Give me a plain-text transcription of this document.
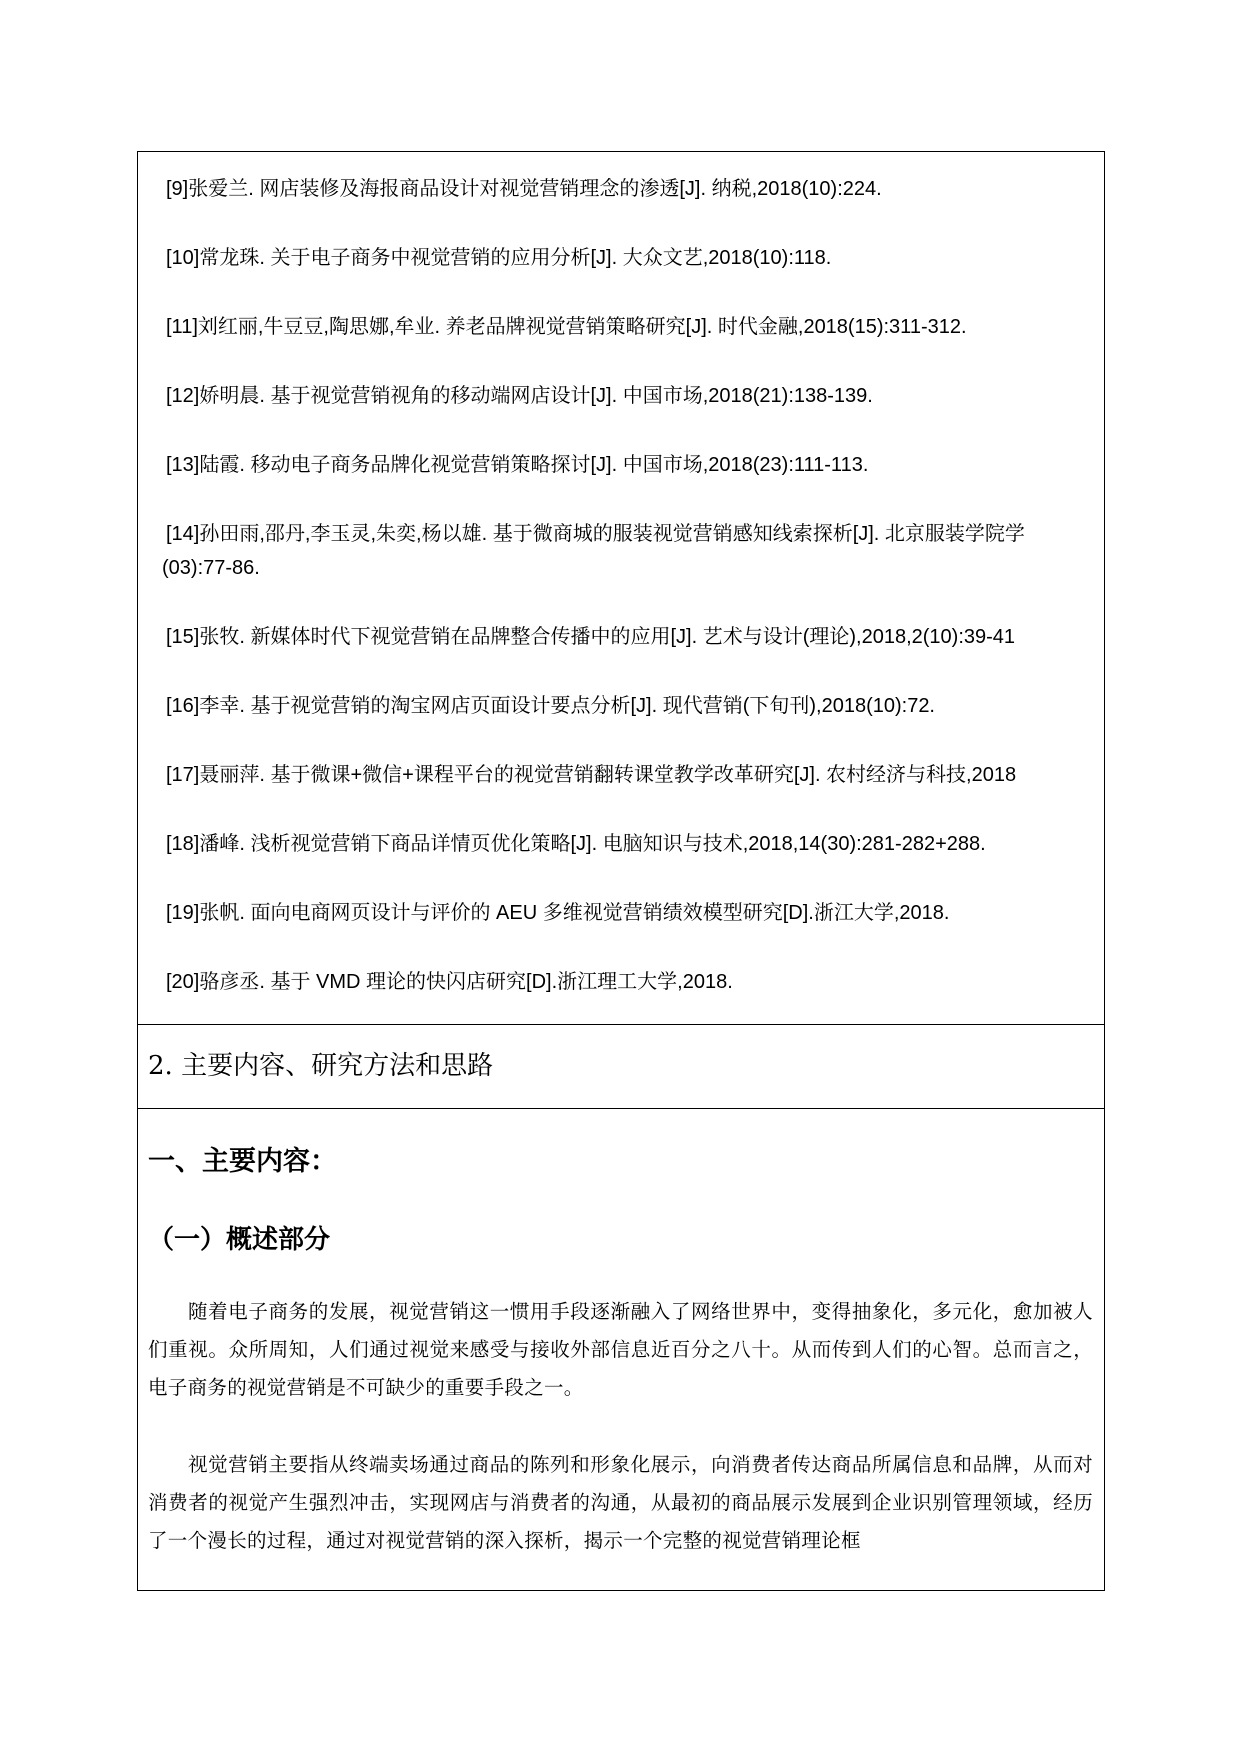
[9]张爱兰. 网店装修及海报商品设计对视觉营销理念的渗透[J]. 纳税,2018(10):224.
[10]常龙珠. 关于电子商务中视觉营销的应用分析[J]. 大众文艺,2018(10):118.
[11]刘红丽,牛豆豆,陶思娜,牟业. 养老品牌视觉营销策略研究[J]. 时代金融,2018(15):311-312.
[12]娇明晨. 基于视觉营销视角的移动端网店设计[J]. 中国市场,2018(21):138-139.
[13]陆霞. 移动电子商务品牌化视觉营销策略探讨[J]. 中国市场,2018(23):111-113.
[14]孙田雨,邵丹,李玉灵,朱奕,杨以雄. 基于微商城的服装视觉营销感知线索探析[J]. 北京服装学院学
(03):77-86.
[15]张牧. 新媒体时代下视觉营销在品牌整合传播中的应用[J]. 艺术与设计(理论),2018,2(10):39-41
[16]李幸. 基于视觉营销的淘宝网店页面设计要点分析[J]. 现代营销(下旬刊),2018(10):72.
[17]聂丽萍. 基于微课+微信+课程平台的视觉营销翻转课堂教学改革研究[J]. 农村经济与科技,2018
[18]潘峰. 浅析视觉营销下商品详情页优化策略[J]. 电脑知识与技术,2018,14(30):281-282+288.
[19]张帆. 面向电商网页设计与评价的 AEU 多维视觉营销绩效模型研究[D].浙江大学,2018.
[20]骆彦丞. 基于 VMD 理论的快闪店研究[D].浙江理工大学,2018.
2. 主要内容、研究方法和思路
一、主要内容：
（一）概述部分

随着电子商务的发展，视觉营销这一惯用手段逐渐融入了网络世界中，变得抽象化，多元化，愈加被人们重视。众所周知，人们通过视觉来感受与接收外部信息近百分之八十。从而传到人们的心智。总而言之，电子商务的视觉营销是不可缺少的重要手段之一。

视觉营销主要指从终端卖场通过商品的陈列和形象化展示，向消费者传达商品所属信息和品牌，从而对消费者的视觉产生强烈冲击，实现网店与消费者的沟通，从最初的商品展示发展到企业识别管理领域，经历了一个漫长的过程，通过对视觉营销的深入探析，揭示一个完整的视觉营销理论框
